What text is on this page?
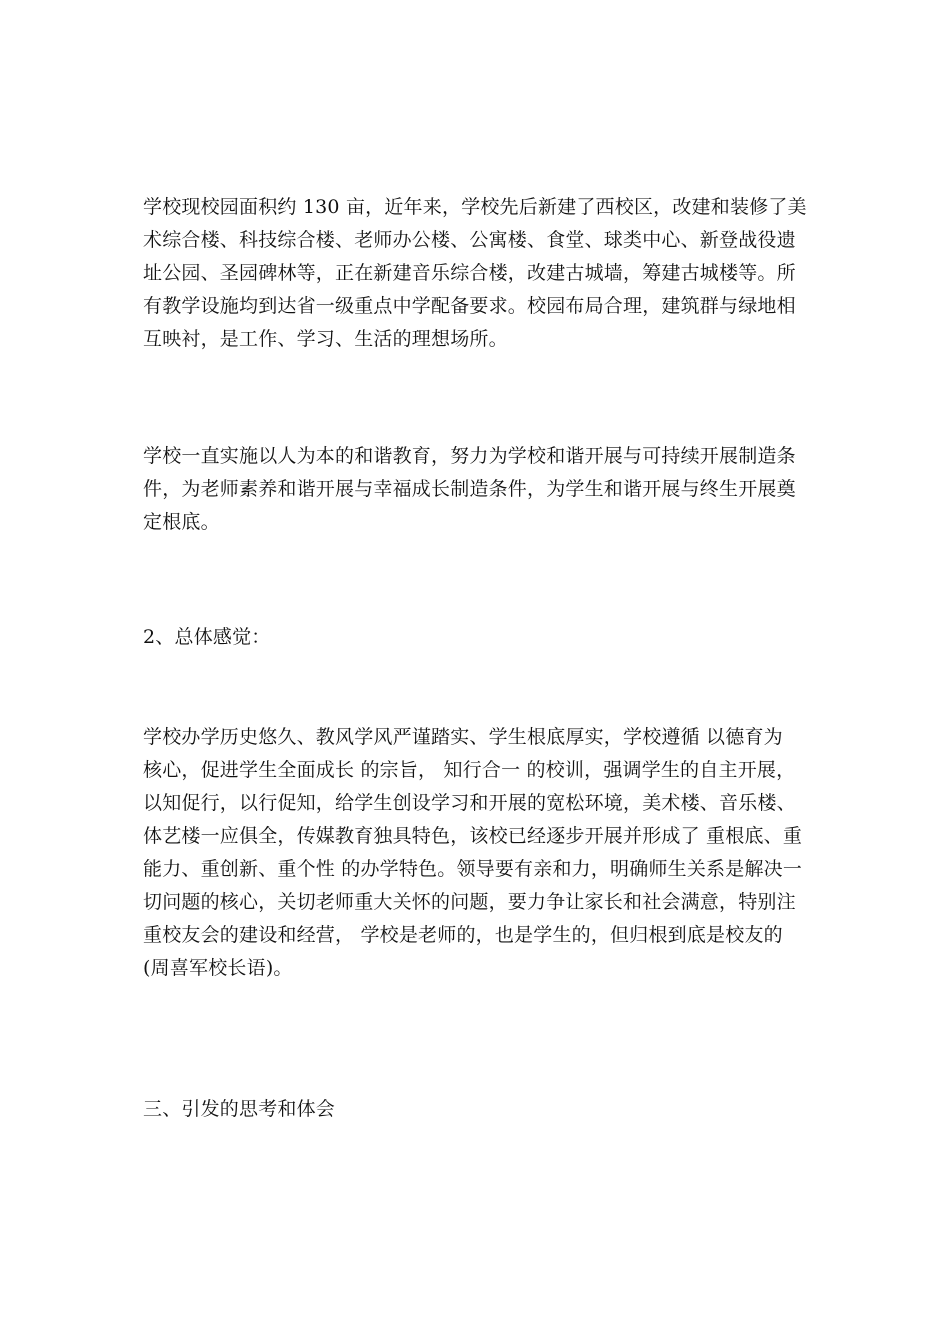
学校现校园面积约 130 亩，近年来，学校先后新建了西校区，改建和装修了美
术综合楼、科技综合楼、老师办公楼、公寓楼、食堂、球类中心、新登战役遗
址公园、圣园碑林等，正在新建音乐综合楼，改建古城墙，筹建古城楼等。所
有教学设施均到达省一级重点中学配备要求。校园布局合理，建筑群与绿地相
互映衬，是工作、学习、生活的理想场所。

学校一直实施以人为本的和谐教育，努力为学校和谐开展与可持续开展制造条
件，为老师素养和谐开展与幸福成长制造条件，为学生和谐开展与终生开展奠
定根底。

2、总体感觉：

学校办学历史悠久、教风学风严谨踏实、学生根底厚实，学校遵循 以德育为
核心，促进学生全面成长 的宗旨， 知行合一 的校训，强调学生的自主开展，
以知促行，以行促知，给学生创设学习和开展的宽松环境，美术楼、音乐楼、
体艺楼一应俱全，传媒教育独具特色，该校已经逐步开展并形成了 重根底、重
能力、重创新、重个性 的办学特色。领导要有亲和力，明确师生关系是解决一
切问题的核心，关切老师重大关怀的问题，要力争让家长和社会满意，特别注
重校友会的建设和经营， 学校是老师的，也是学生的，但归根到底是校友的
(周喜军校长语)。

三、引发的思考和体会
